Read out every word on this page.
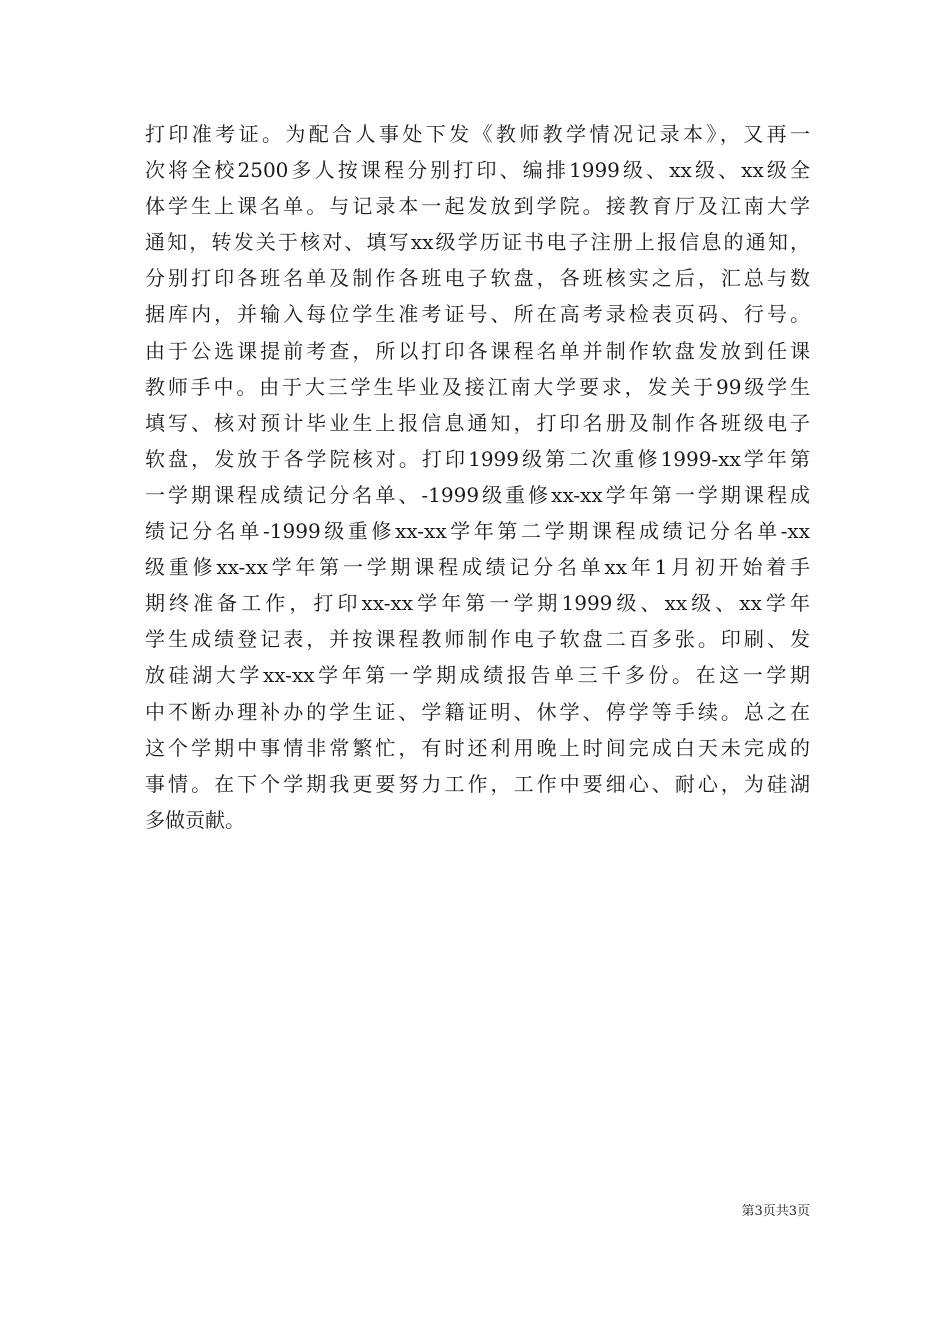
打印准考证。为配合人事处下发《教师教学情况记录本》，又再一
次将全校2500多人按课程分别打印、编排1999级、xx级、xx级全
体学生上课名单。与记录本一起发放到学院。接教育厅及江南大学
通知，转发关于核对、填写xx级学历证书电子注册上报信息的通知，
分别打印各班名单及制作各班电子软盘，各班核实之后，汇总与数
据库内，并输入每位学生准考证号、所在高考录检表页码、行号。
由于公选课提前考查，所以打印各课程名单并制作软盘发放到任课
教师手中。由于大三学生毕业及接江南大学要求，发关于99级学生
填写、核对预计毕业生上报信息通知，打印名册及制作各班级电子
软盘，发放于各学院核对。打印1999级第二次重修1999-xx学年第
一学期课程成绩记分名单、-1999级重修xx-xx学年第一学期课程成
绩记分名单-1999级重修xx-xx学年第二学期课程成绩记分名单-xx
级重修xx-xx学年第一学期课程成绩记分名单xx年1月初开始着手
期终准备工作，打印xx-xx学年第一学期1999级、xx级、xx学年
学生成绩登记表，并按课程教师制作电子软盘二百多张。印刷、发
放硅湖大学xx-xx学年第一学期成绩报告单三千多份。在这一学期
中不断办理补办的学生证、学籍证明、休学、停学等手续。总之在
这个学期中事情非常繁忙，有时还利用晚上时间完成白天未完成的
事情。在下个学期我更要努力工作，工作中要细心、耐心，为硅湖
多做贡献。
第3页共3页
